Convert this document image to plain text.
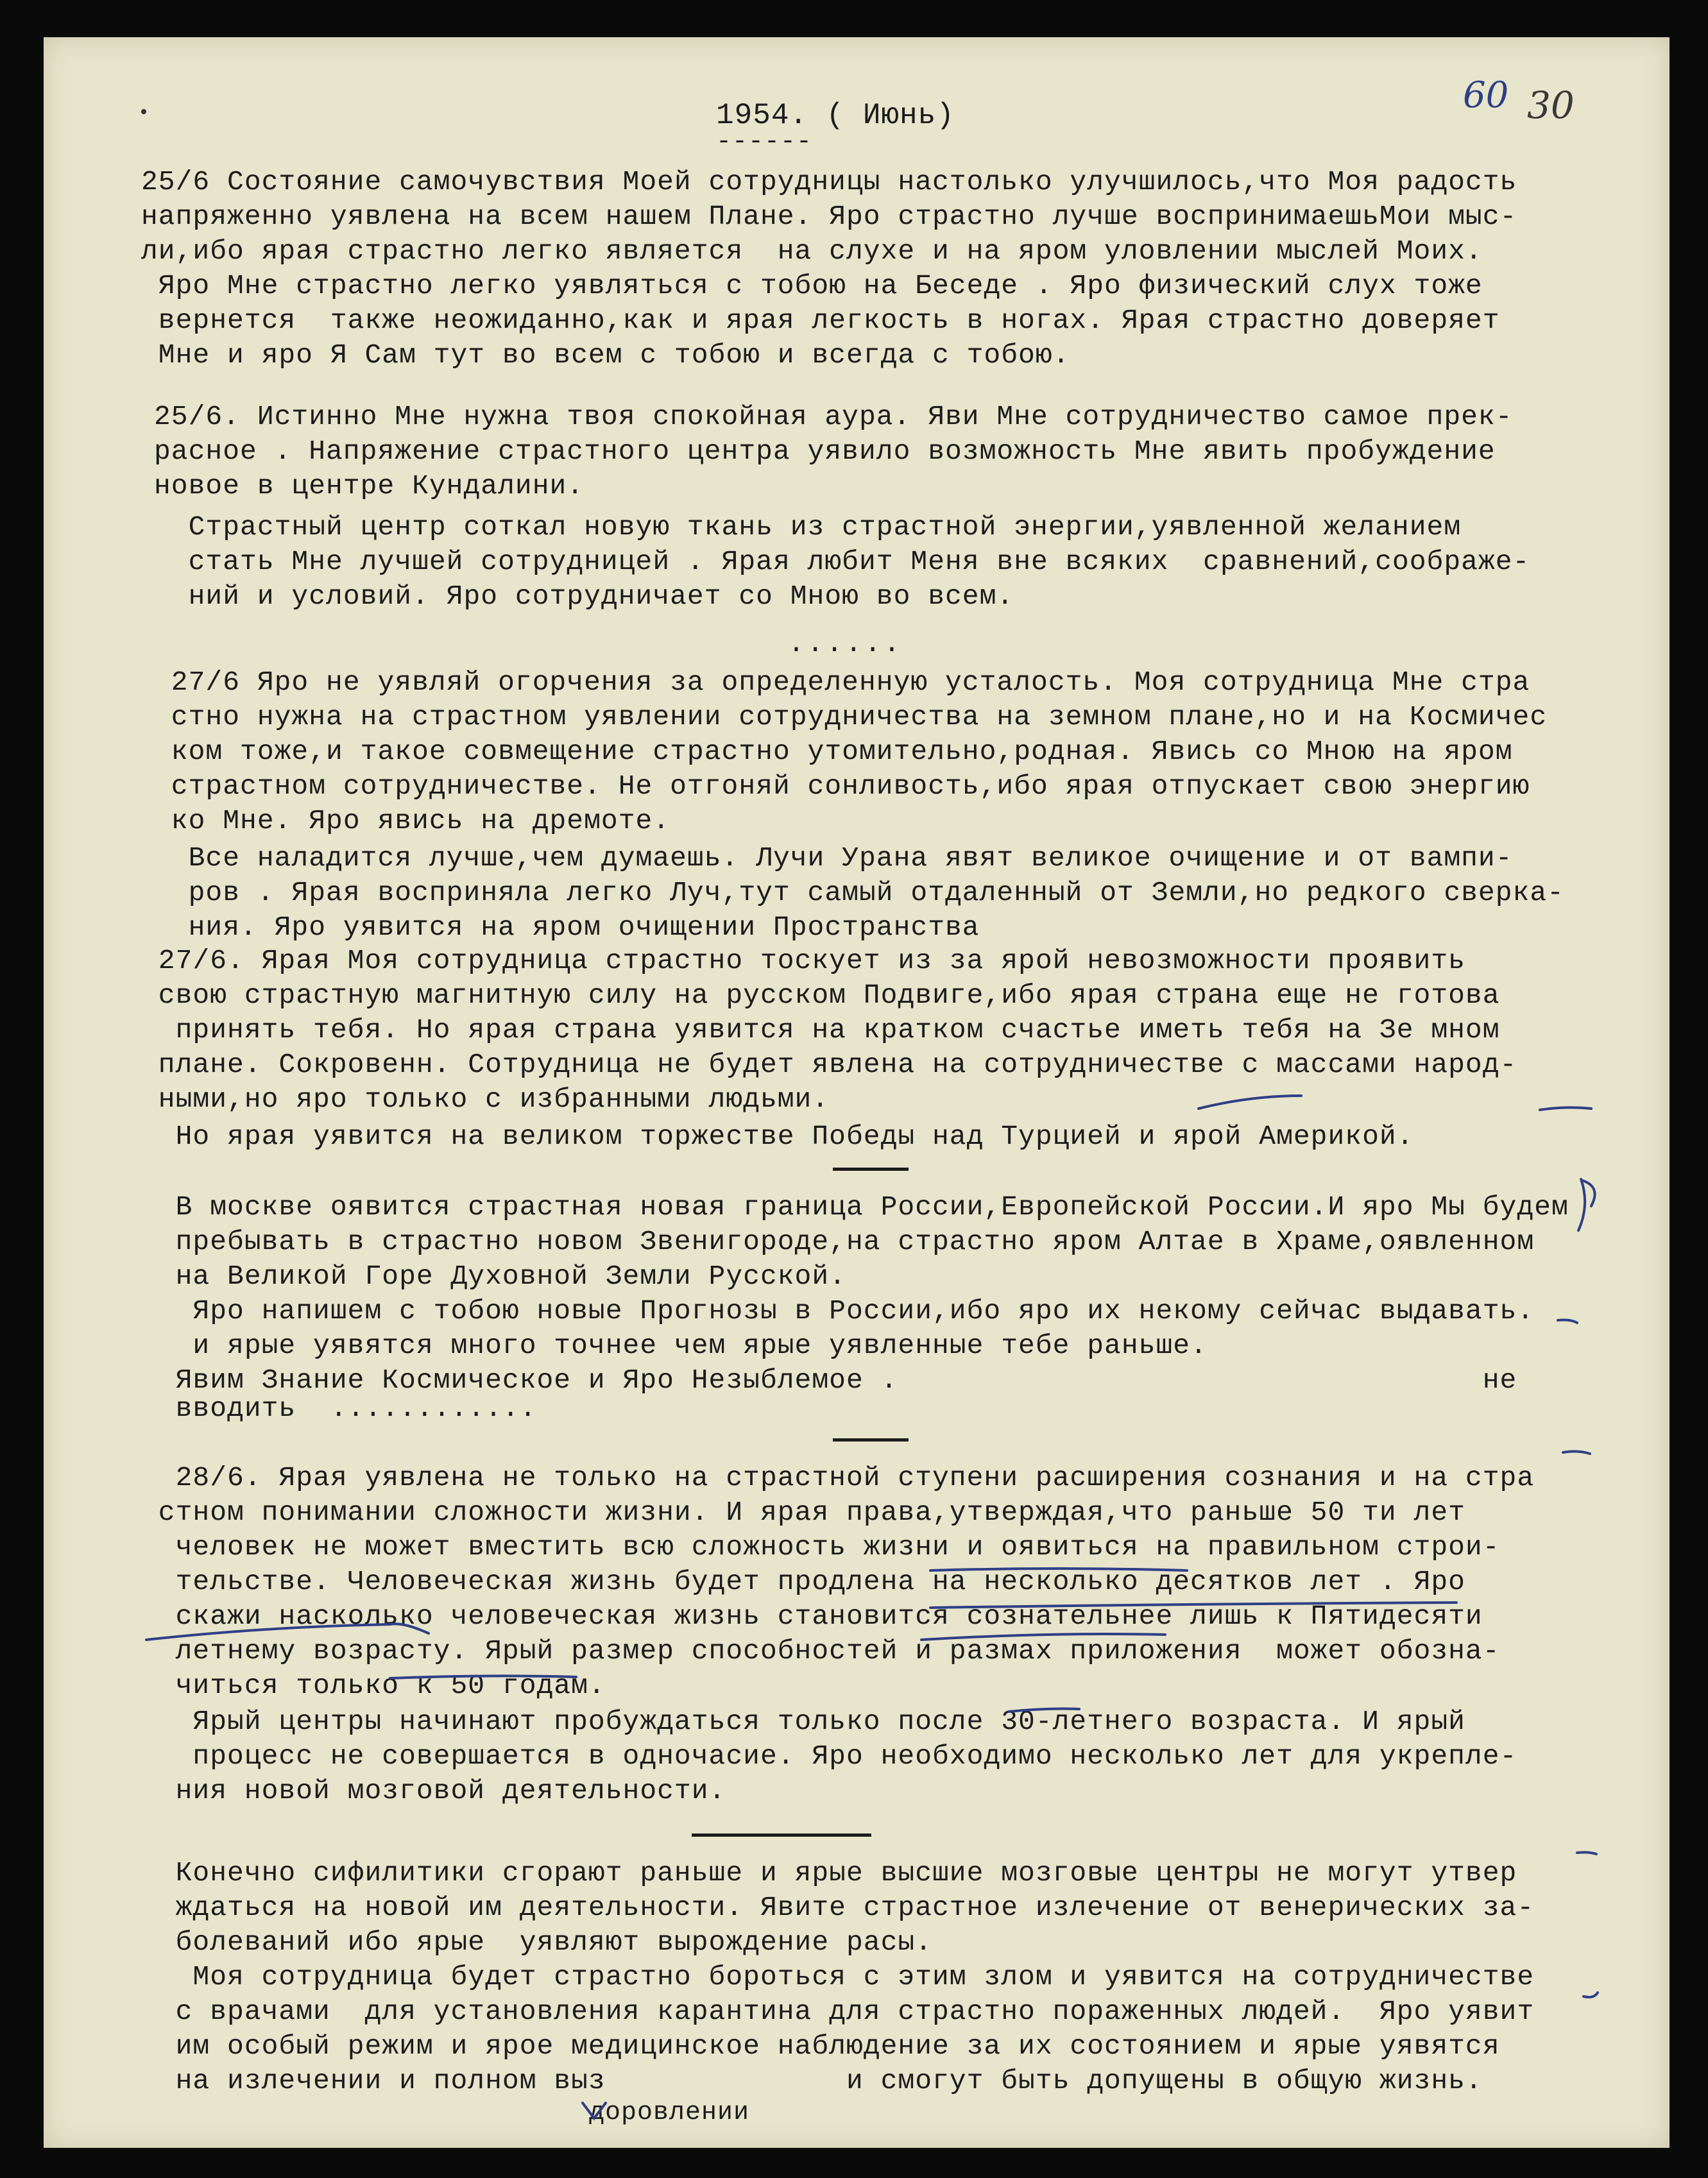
1954. ( Июнь)
------
60 30
25/6 Состояние самочувствия Моей сотрудницы настолько улучшилось,что Моя радость
напряженно уявлена на всем нашем Плане. Яро страстно лучше воспринимаешьМои мыс-
ли,ибо ярая страстно легко является  на слухе и на яром уловлении мыслей Моих.
Яро Мне страстно легко уявляться с тобою на Беседе . Яро физический слух тоже
вернется  также неожиданно,как и ярая легкость в ногах. Ярая страстно доверяет
Мне и яро Я Сам тут во всем с тобою и всегда с тобою.
25/6. Истинно Мне нужна твоя спокойная аура. Яви Мне сотрудничество самое прек-
расное . Напряжение страстного центра уявило возможность Мне явить пробуждение
новое в центре Кундалини.
Страстный центр соткал новую ткань из страстной энергии,уявленной желанием
стать Мне лучшей сотрудницей . Ярая любит Меня вне всяких  сравнений,соображе-
ний и условий. Яро сотрудничает со Мною во всем.
......
27/6 Яро не уявляй огорчения за определенную усталость. Моя сотрудница Мне стра
стно нужна на страстном уявлении сотрудничества на земном плане,но и на Космичес
ком тоже,и такое совмещение страстно утомительно,родная. Явись со Мною на яром
страстном сотрудничестве. Не отгоняй сонливость,ибо ярая отпускает свою энергию
ко Мне. Яро явись на дремоте.
Все наладится лучше,чем думаешь. Лучи Урана явят великое очищение и от вампи-
ров . Ярая восприняла легко Луч,тут самый отдаленный от Земли,но редкого сверка-
ния. Яро уявится на яром очищении Пространства
27/6. Ярая Моя сотрудница страстно тоскует из за ярой невозможности проявить
свою страстную магнитную силу на русском Подвиге,ибо ярая страна еще не готова
принять тебя. Но ярая страна уявится на кратком счастье иметь тебя на Зе мном
плане. Сокровенн. Сотрудница не будет явлена на сотрудничестве с массами народ-
ными,но яро только с избранными людьми.
Но ярая уявится на великом торжестве Победы над Турцией и ярой Америкой.
В москве оявится страстная новая граница России,Европейской России.И яро Мы будем
пребывать в страстно новом Звенигороде,на страстно яром Алтае в Храме,оявленном
на Великой Горе Духовной Земли Русской.
Яро напишем с тобою новые Прогнозы в России,ибо яро их некому сейчас выдавать.
и ярые уявятся много точнее чем ярые уявленные тебе раньше.
Явим Знание Космическое и Яро Незыблемое .                                  не
вводить  ............
28/6. Ярая уявлена не только на страстной ступени расширения сознания и на стра
стном понимании сложности жизни. И ярая права,утверждая,что раньше 50 ти лет
человек не может вместить всю сложность жизни и оявиться на правильном строи-
тельстве. Человеческая жизнь будет продлена на несколько десятков лет . Яро
скажи насколько человеческая жизнь становится сознательнее лишь к Пятидесяти
летнему возрасту. Ярый размер способностей и размах приложения  может обозна-
читься только к 50 годам.
Ярый центры начинают пробуждаться только после 30-летнего возраста. И ярый
процесс не совершается в одночасие. Яро необходимо несколько лет для укрепле-
ния новой мозговой деятельности.
Конечно сифилитики сгорают раньше и ярые высшие мозговые центры не могут утвер
ждаться на новой им деятельности. Явите страстное излечение от венерических за-
болеваний ибо ярые  уявляют вырождение расы.
Моя сотрудница будет страстно бороться с этим злом и уявится на сотрудничестве
с врачами  для установления карантина для страстно пораженных людей.  Яро уявит
им особый режим и ярое медицинское наблюдение за их состоянием и ярые уявятся
на излечении и полном выз              и смогут быть допущены в общую жизнь.
доровлении
